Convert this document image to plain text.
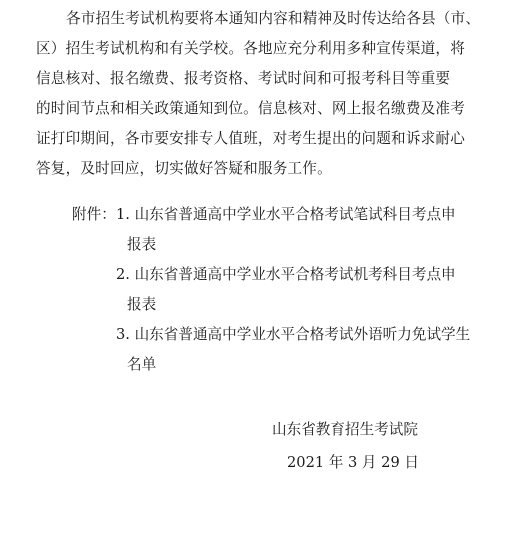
各市招生考试机构要将本通知内容和精神及时传达给各县（市、
区）招生考试机构和有关学校。各地应充分利用多种宣传渠道，将
信息核对、报名缴费、报考资格、考试时间和可报考科目等重要
的时间节点和相关政策通知到位。信息核对、网上报名缴费及准考
证打印期间，各市要安排专人值班，对考生提出的问题和诉求耐心
答复，及时回应，切实做好答疑和服务工作。
附件： 1. 山东省普通高中学业水平合格考试笔试科目考点申
报表
2. 山东省普通高中学业水平合格考试机考科目考点申
报表
3. 山东省普通高中学业水平合格考试外语听力免试学生
名单
山东省教育招生考试院
2021 年 3 月 29 日
